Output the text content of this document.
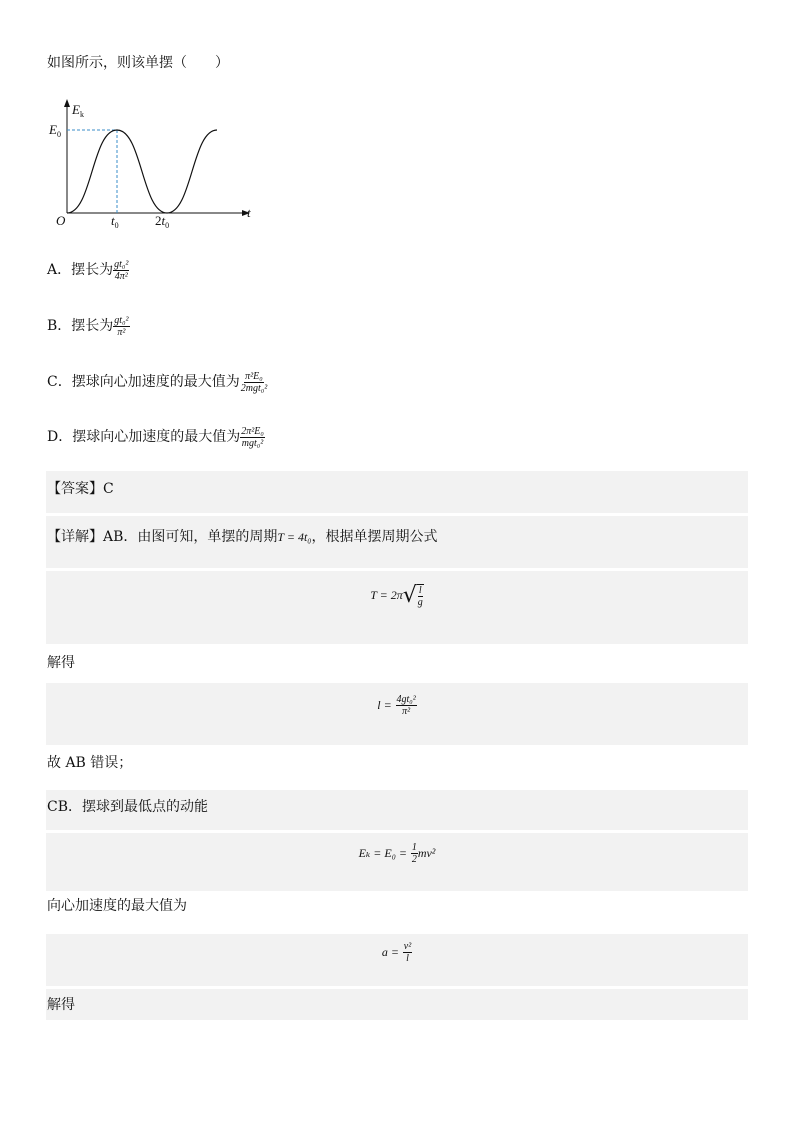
如图所示，则该单摆（　　）
$E_k$
$E_0$
O	$t_0$	$2t_0$
t
A．摆长为 $\frac{\text{gt₀²}}{\text{4π²}}$
B．摆长为 $\frac{\text{gt₀²}}{\text{π²}}$
C．摆球向心加速度的最大值为 $\frac{\text{π²E₀}}{\text{2mgt₀²}}$
D．摆球向心加速度的最大值为 $\frac{\text{2π²E₀}}{\text{mgt₀²}}$
【答案】C
【详解】AB．由图可知，单摆的周期T = 4t₀，根据单摆周期公式
$T = 2\pi√ \frac{l}{g}$
解得
$l = \frac{\text{4gt₀²}}{\text{π²}}$
故 AB 错误；
CB．摆球到最低点的动能
$E_k = E_0 = \frac{1}{2} mv^2$
向心加速度的最大值为
$a = \frac{\text{v²}}{l}$
解得
